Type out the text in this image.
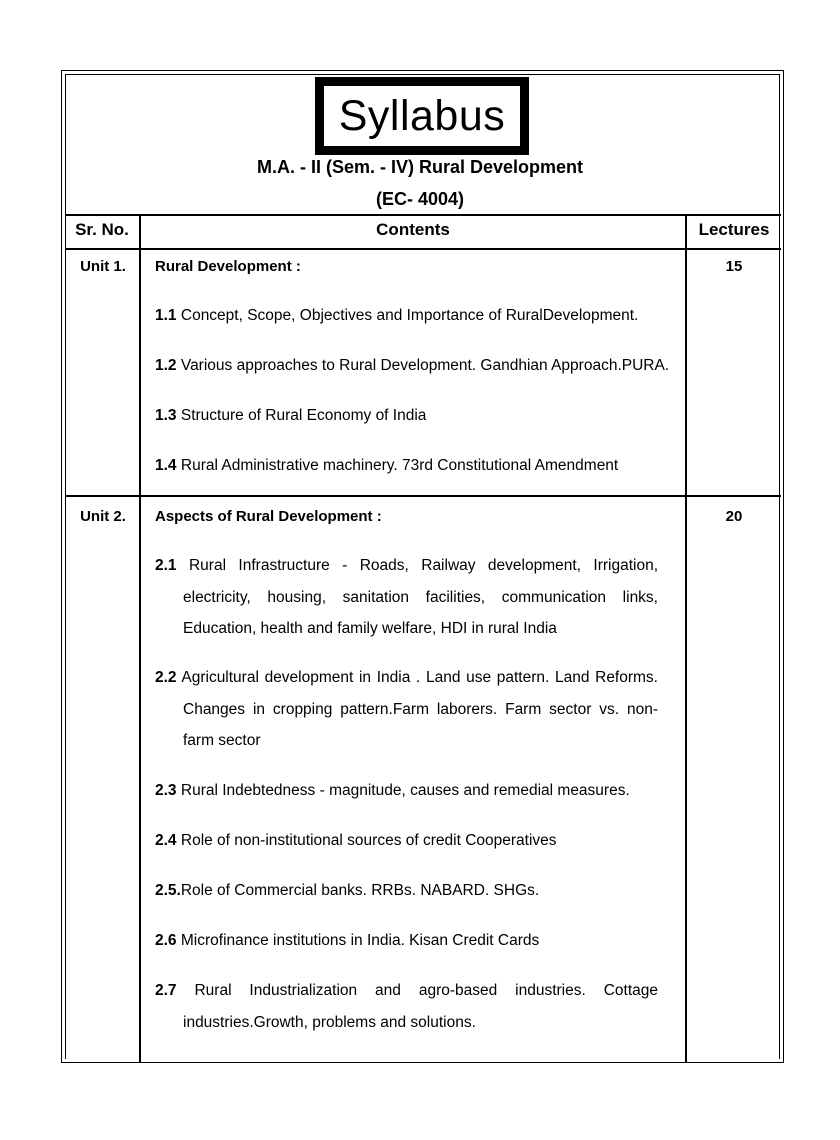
Syllabus
M.A. - II (Sem. - IV) Rural Development
(EC- 4004)
Sr. No.	Contents	Lectures
Unit 1.	Rural Development :	15
1.1 Concept, Scope, Objectives and Importance of RuralDevelopment.
1.2 Various approaches to Rural Development. Gandhian Approach.PURA.
1.3 Structure of Rural Economy of India
1.4 Rural Administrative machinery. 73rd Constitutional Amendment
Unit 2.	Aspects of Rural Development :	20
2.1 Rural Infrastructure - Roads, Railway development, Irrigation,
electricity, housing, sanitation facilities, communication links,
Education, health and family welfare, HDI in rural India
2.2 Agricultural development in India . Land use pattern. Land Reforms.
Changes in cropping pattern.Farm laborers. Farm sector vs. non-
farm sector
2.3 Rural Indebtedness - magnitude, causes and remedial measures.
2.4 Role of non-institutional sources of credit Cooperatives
2.5.Role of Commercial banks. RRBs. NABARD. SHGs.
2.6 Microfinance institutions in India. Kisan Credit Cards
2.7 Rural Industrialization and agro-based industries. Cottage
industries.Growth, problems and solutions.
